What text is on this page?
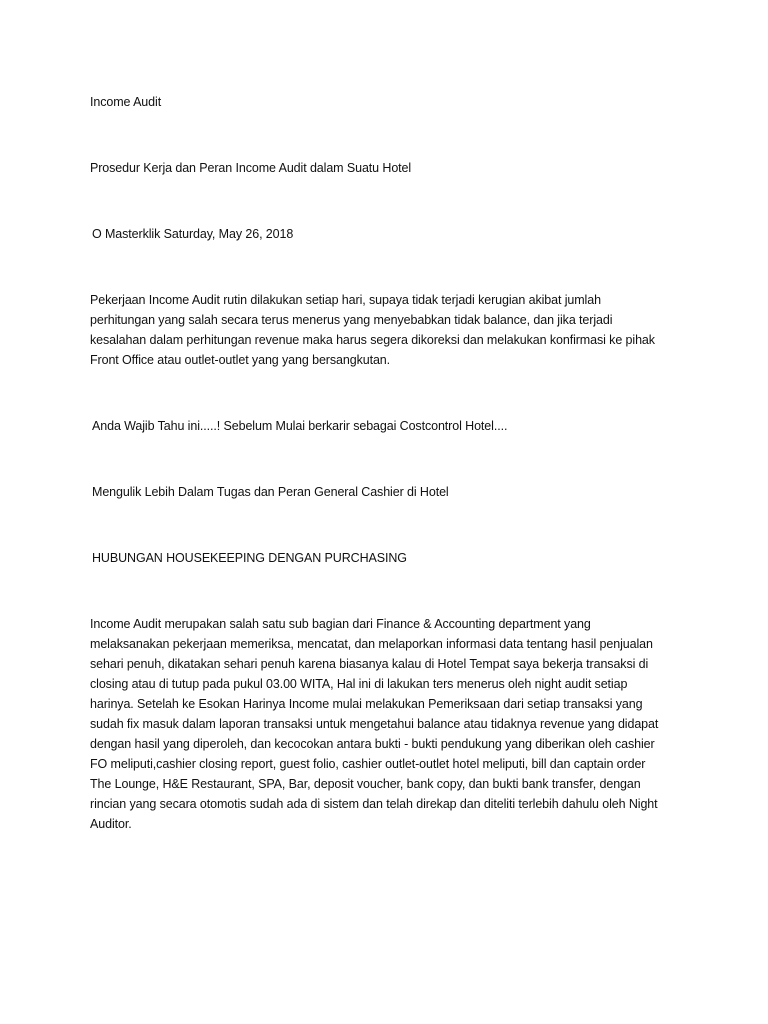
Income Audit

Prosedur Kerja dan Peran Income Audit dalam Suatu Hotel

O Masterklik Saturday, May 26, 2018

Pekerjaan Income Audit rutin dilakukan setiap hari, supaya tidak terjadi kerugian akibat jumlah
perhitungan yang salah secara terus menerus yang menyebabkan tidak balance, dan jika terjadi
kesalahan dalam perhitungan revenue maka harus segera dikoreksi dan melakukan konfirmasi ke pihak
Front Office atau outlet-outlet yang yang bersangkutan.

Anda Wajib Tahu ini.....! Sebelum Mulai berkarir sebagai Costcontrol Hotel....

Mengulik Lebih Dalam Tugas dan Peran General Cashier di Hotel

HUBUNGAN HOUSEKEEPING DENGAN PURCHASING

Income Audit merupakan salah satu sub bagian dari Finance & Accounting department yang
melaksanakan pekerjaan memeriksa, mencatat, dan melaporkan informasi data tentang hasil penjualan
sehari penuh, dikatakan sehari penuh karena biasanya kalau di Hotel Tempat saya bekerja transaksi di
closing atau di tutup pada pukul 03.00 WITA, Hal ini di lakukan ters menerus oleh night audit setiap
harinya. Setelah ke Esokan Harinya Income mulai melakukan Pemeriksaan dari setiap transaksi yang
sudah fix masuk dalam laporan transaksi untuk mengetahui balance atau tidaknya revenue yang didapat
dengan hasil yang diperoleh, dan kecocokan antara bukti - bukti pendukung yang diberikan oleh cashier
FO meliputi,cashier closing report, guest folio, cashier outlet-outlet hotel meliputi, bill dan captain order
The Lounge, H&E Restaurant, SPA, Bar, deposit voucher, bank copy, dan bukti bank transfer, dengan
rincian yang secara otomotis sudah ada di sistem dan telah direkap dan diteliti terlebih dahulu oleh Night
Auditor.
